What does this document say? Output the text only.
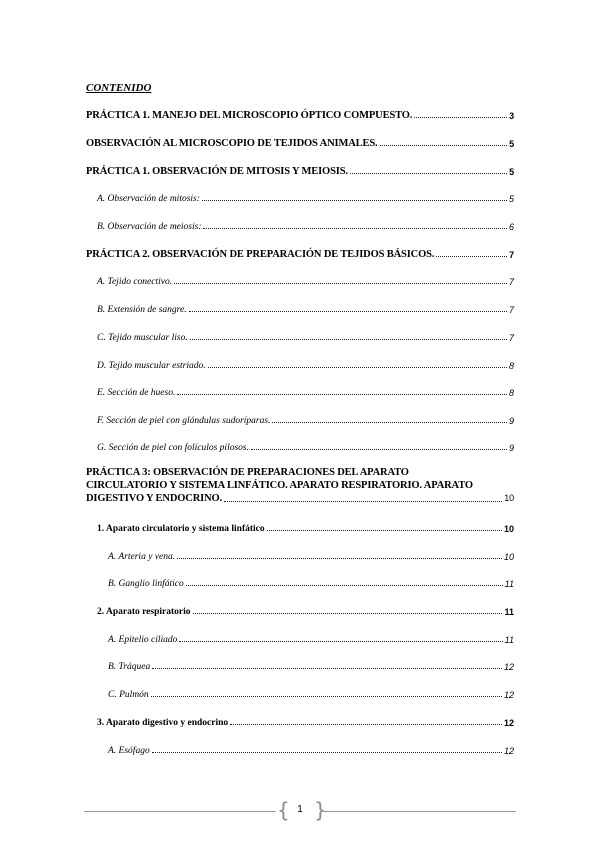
CONTENIDO
PRÁCTICA 1. MANEJO DEL MICROSCOPIO ÓPTICO COMPUESTO.	3
OBSERVACIÓN AL MICROSCOPIO DE TEJIDOS ANIMALES.	5
PRÁCTICA 1. OBSERVACIÓN DE MITOSIS Y MEIOSIS.	5
A. Observación de mitosis:	5
B. Observación de meiosis:	6
PRÁCTICA 2. OBSERVACIÓN DE PREPARACIÓN DE TEJIDOS BÁSICOS.	7
A. Tejido conectivo.	7
B. Extensión de sangre.	7
C. Tejido muscular liso.	7
D. Tejido muscular estriado.	8
E. Sección de hueso.	8
F. Sección de piel con glándulas sudoríparas.	9
G. Sección de piel con folículos pilosos.	9
PRÁCTICA 3: OBSERVACIÓN DE PREPARACIONES DEL APARATO
CIRCULATORIO Y SISTEMA LINFÁTICO. APARATO RESPIRATORIO. APARATO
DIGESTIVO Y ENDOCRINO.	10
1. Aparato circulatorio y sistema linfático	10
A. Arteria y vena.	10
B. Ganglio linfático	11
2. Aparato respiratorio	11
A. Epitelio ciliado	11
B. Tráquea	12
C. Pulmón	12
3. Aparato digestivo y endocrino	12
A. Esófago	12
{ 1 }
